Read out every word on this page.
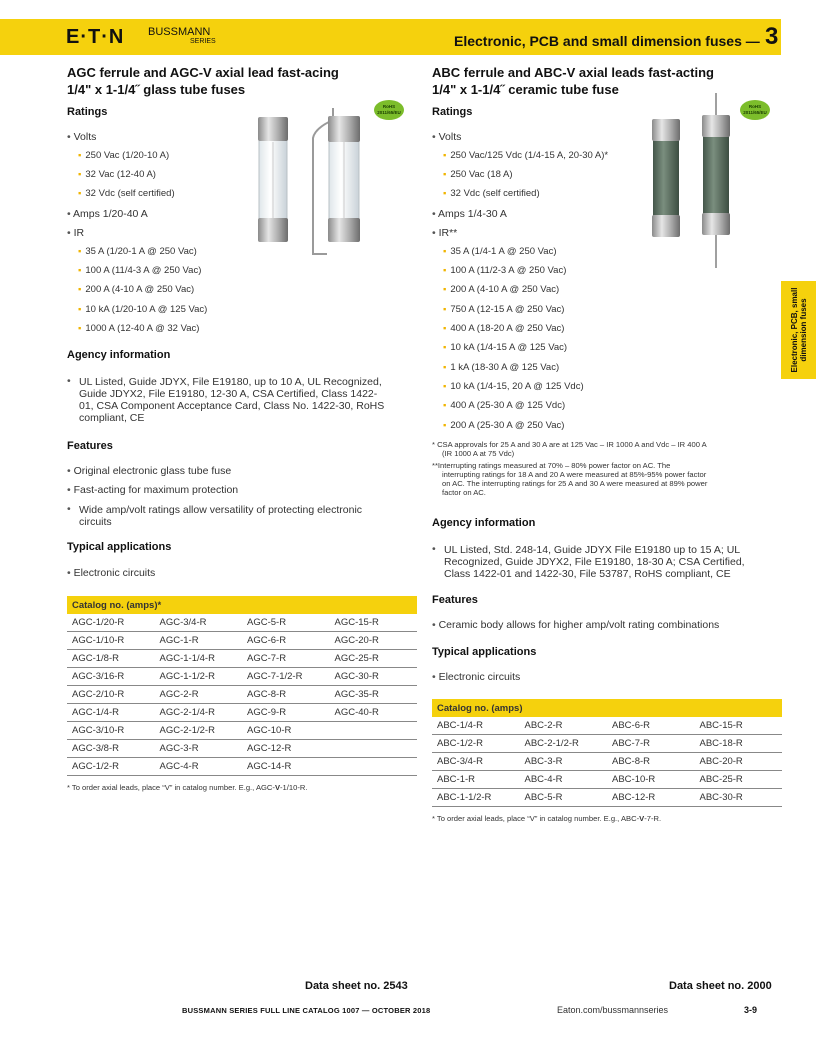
E·T·N BUSSMANN
SERIES	Electronic, PCB and small dimension fuses — 3
Electronic, PCB, small dimension fuses
AGC ferrule and AGC-V axial lead fast-acing
1/4" x 1-1/4˝ glass tube fuses
Ratings	RoHS 2011/65/EU
• Volts
▪ 250 Vac (1/20-10 A)
▪ 32 Vac (12-40 A)
▪ 32 Vdc (self certified)
• Amps 1/20-40 A
• IR
▪ 35 A (1/20-1 A @ 250 Vac)
▪ 100 A (11/4-3 A @ 250 Vac)
▪ 200 A (4-10 A @ 250 Vac)
▪ 10 kA (1/20-10 A @ 125 Vac)
▪ 1000 A (12-40 A @ 32 Vac)
Agency information
• UL Listed, Guide JDYX, File E19180, up to 10 A, UL Recognized,
Guide JDYX2, File E19180, 12-30 A, CSA Certified, Class 1422-
01, CSA Component Acceptance Card, Class No. 1422-30, RoHS
compliant, CE
Features
• Original electronic glass tube fuse
• Fast-acting for maximum protection
• Wide amp/volt ratings allow versatility of protecting electronic
circuits
Typical applications
• Electronic circuits
Catalog no. (amps)*			
AGC-1/20-R	AGC-3/4-R	AGC-5-R	AGC-15-R
AGC-1/10-R	AGC-1-R	AGC-6-R	AGC-20-R
AGC-1/8-R	AGC-1-1/4-R	AGC-7-R	AGC-25-R
AGC-3/16-R	AGC-1-1/2-R	AGC-7-1/2-R	AGC-30-R
AGC-2/10-R	AGC-2-R	AGC-8-R	AGC-35-R
AGC-1/4-R	AGC-2-1/4-R	AGC-9-R	AGC-40-R
AGC-3/10-R	AGC-2-1/2-R	AGC-10-R	
AGC-3/8-R	AGC-3-R	AGC-12-R	
AGC-1/2-R	AGC-4-R	AGC-14-R	
* To order axial leads, place “V” in catalog number. E.g., AGC-V-1/10-R.
ABC ferrule and ABC-V axial leads fast-acting
1/4" x 1-1/4˝ ceramic tube fuse
Ratings	RoHS 2011/65/EU
• Volts
▪ 250 Vac/125 Vdc (1/4-15 A, 20-30 A)*
▪ 250 Vac (18 A)
▪ 32 Vdc (self certified)
• Amps 1/4-30 A
• IR**
▪ 35 A (1/4-1 A @ 250 Vac)
▪ 100 A (11/2-3 A @ 250 Vac)
▪ 200 A (4-10 A @ 250 Vac)
▪ 750 A (12-15 A @ 250 Vac)
▪ 400 A (18-20 A @ 250 Vac)
▪ 10 kA (1/4-15 A @ 125 Vac)
▪ 1 kA (18-30 A @ 125 Vac)
▪ 10 kA (1/4-15, 20 A @ 125 Vdc)
▪ 400 A (25-30 A @ 125 Vdc)
▪ 200 A (25-30 A @ 250 Vac)
* CSA approvals for 25 A and 30 A are at 125 Vac – IR 1000 A and Vdc – IR 400 A
(IR 1000 A at 75 Vdc)
**Interrupting ratings measured at 70% – 80% power factor on AC. The
interrupting ratings for 18 A and 20 A were measured at 85%-95% power factor
on AC. The interrupting ratings for 25 A and 30 A were measured at 89% power
factor on AC.
Agency information
• UL Listed, Std. 248-14, Guide JDYX File E19180 up to 15 A; UL
Recognized, Guide JDYX2, File E19180, 18-30 A; CSA Certified,
Class 1422-01 and 1422-30, File 53787, RoHS compliant, CE
Features
• Ceramic body allows for higher amp/volt rating combinations
Typical applications
• Electronic circuits
Catalog no. (amps)			
ABC-1/4-R	ABC-2-R	ABC-6-R	ABC-15-R
ABC-1/2-R	ABC-2-1/2-R	ABC-7-R	ABC-18-R
ABC-3/4-R	ABC-3-R	ABC-8-R	ABC-20-R
ABC-1-R	ABC-4-R	ABC-10-R	ABC-25-R
ABC-1-1/2-R	ABC-5-R	ABC-12-R	ABC-30-R
* To order axial leads, place “V” in catalog number. E.g., ABC-V-7-R.
Data sheet no. 2543	Data sheet no. 2000
BUSSMANN SERIES FULL LINE CATALOG 1007 — OCTOBER 2018	Eaton.com/bussmannseries	3-9
